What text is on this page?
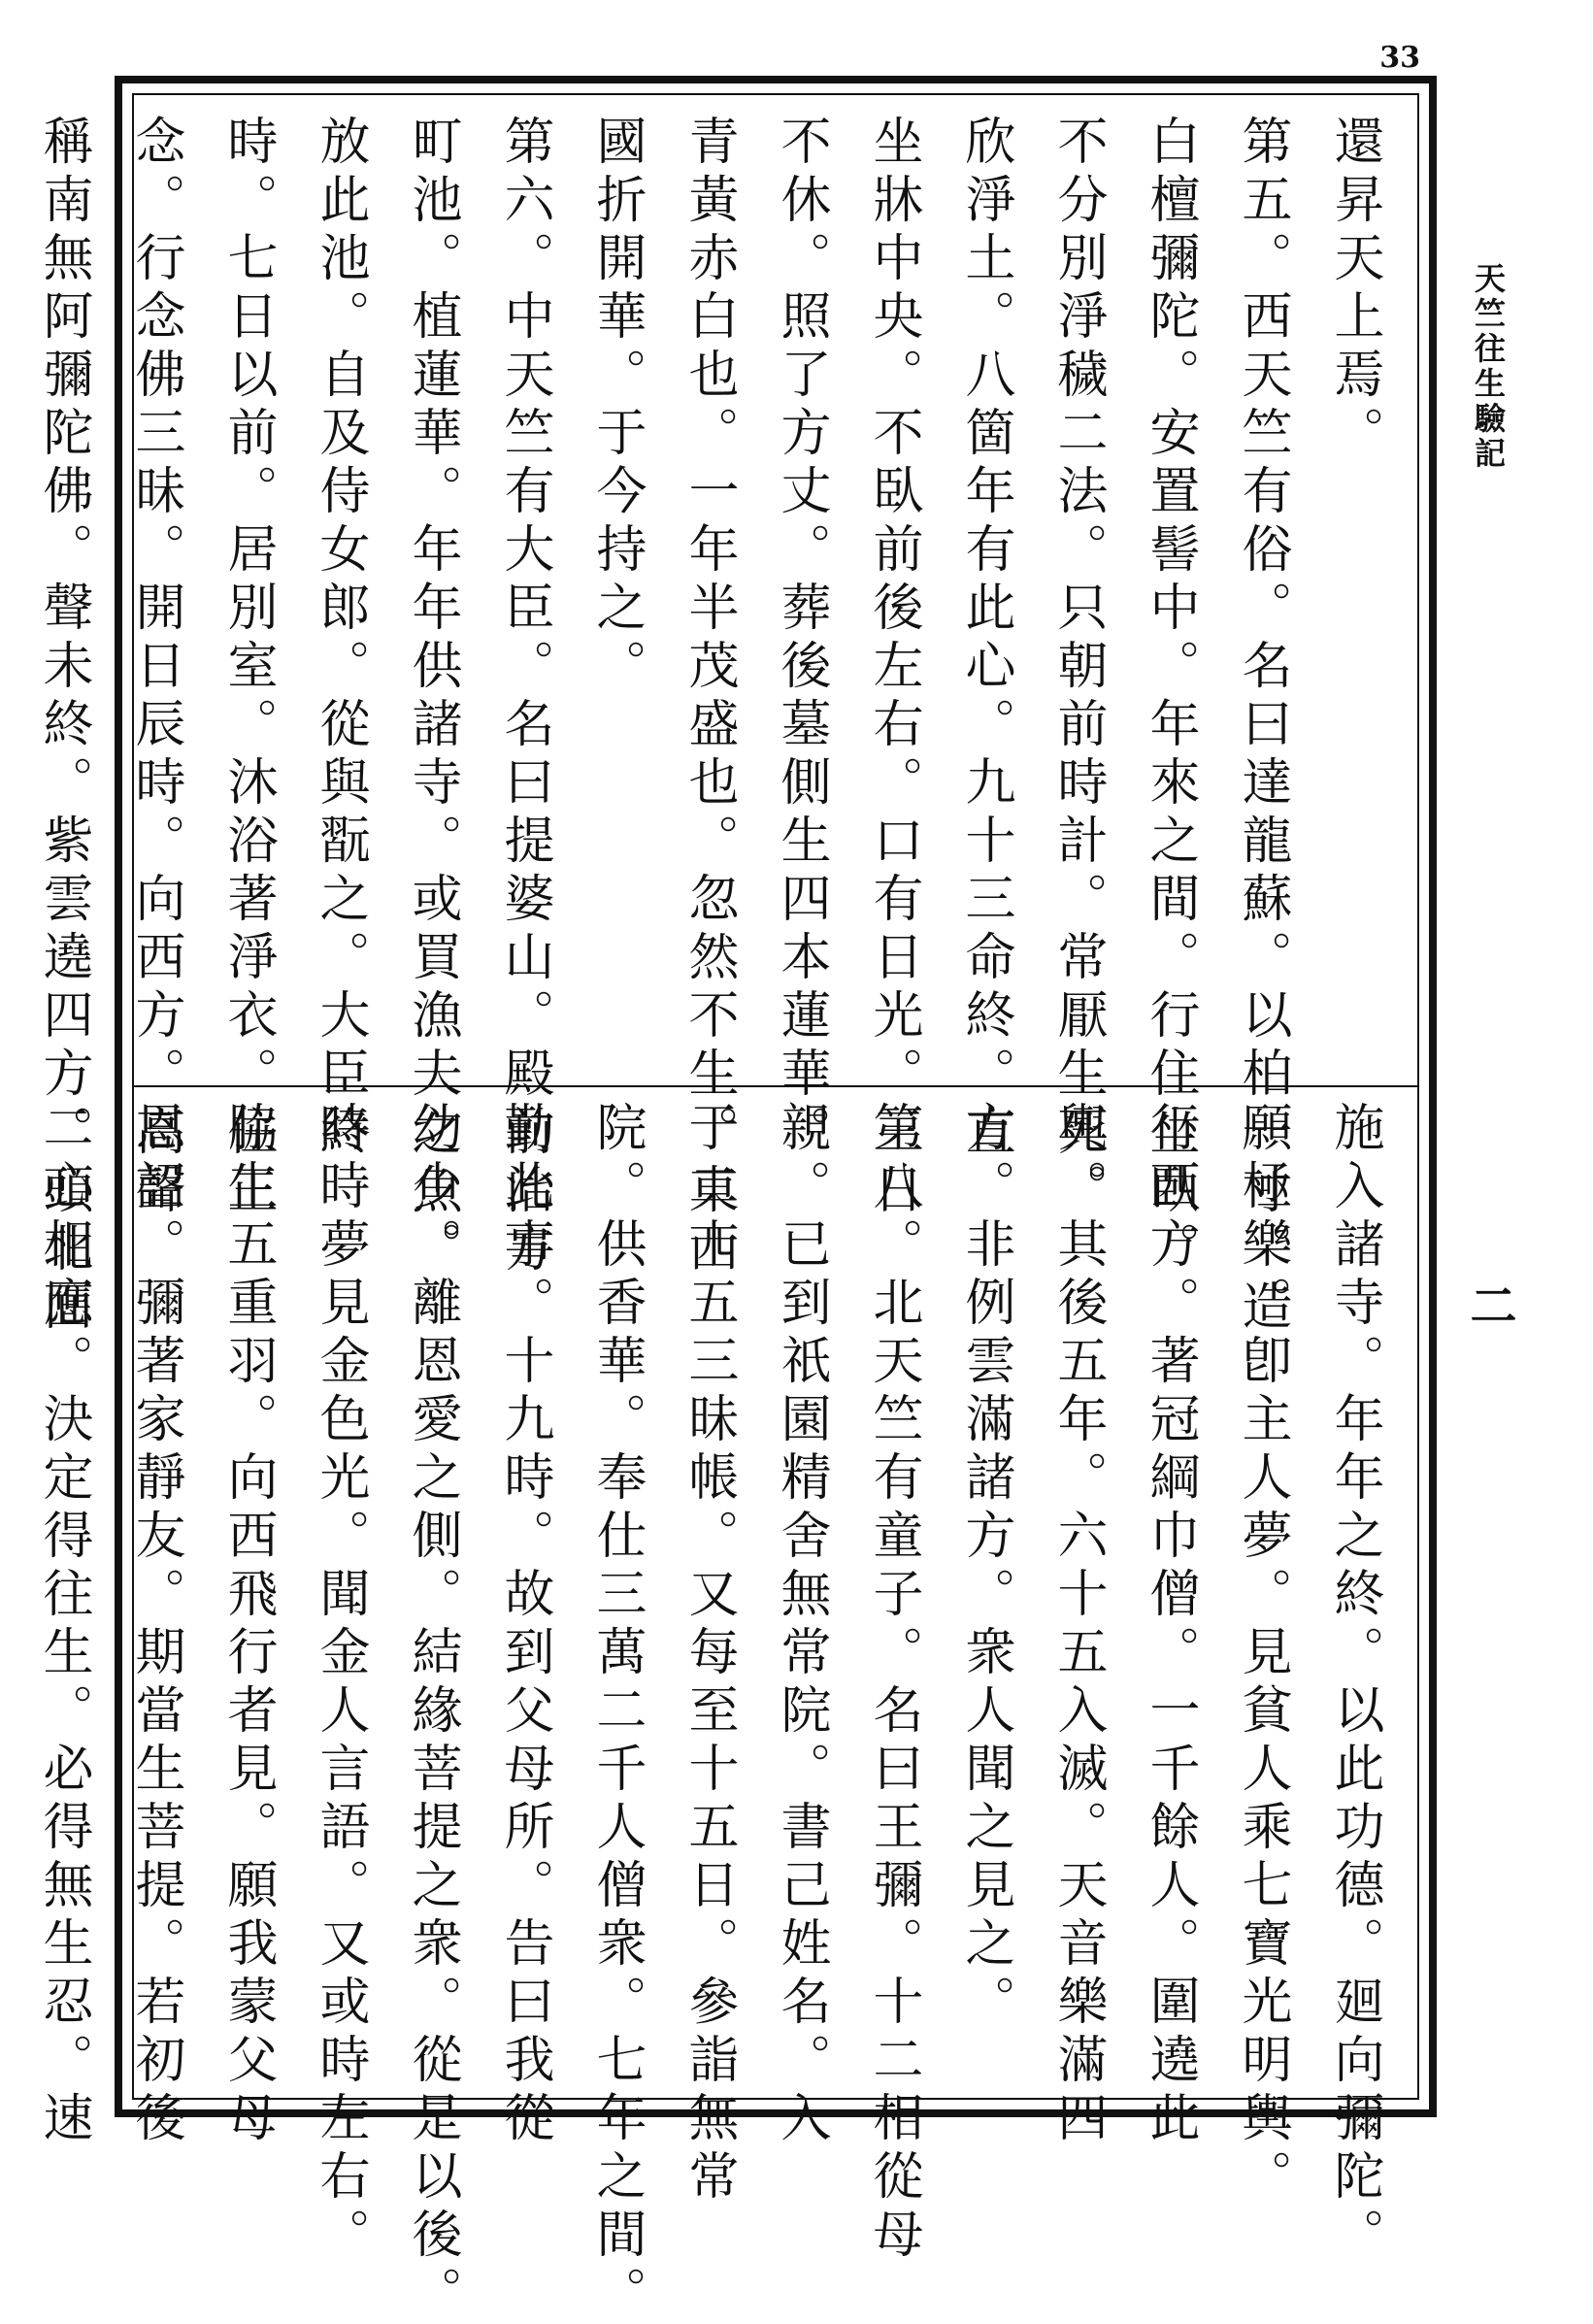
33
天竺往生驗記
二
還昇天上焉。
第五。西天竺有俗。名曰達龍蘇。以柏一寸。造
白檀彌陀。安置髻中。年來之間。行住坐臥。
不分別淨穢二法。只朝前時計。常厭生死。
欣淨土。八箇年有此心。九十三命終。直
坐牀中央。不臥前後左右。口有日光。三日
不休。照了方丈。葬後墓側生四本蓮華。
青黃赤白也。一年半茂盛也。忽然不生。東西
國折開華。于今持之。
第六。中天竺有大臣。名曰提婆山。殿前治方
町池。植蓮華。年年供諸寺。或買漁夫之魚。
放此池。自及侍女郎。從與翫之。大臣終
時。七日以前。居別室。沐浴著淨衣。住正
念。行念佛三昧。開日辰時。向西方。高聲
稱南無阿彌陀佛。聲未終。紫雲遶四方。頭北面
施入諸寺。年年之終。以此功德。廻向彌陀。
願極樂。卽主人夢。見貧人乘七寶光明輿。
行西方。著冠綱巾僧。一千餘人。圍遶此
輿。其後五年。六十五入滅。天音樂滿四
方。非例雲滿諸方。衆人聞之見之。
第八。北天竺有童子。名曰王彌。十二相從母
親。已到祇園精舍無常院。書己姓名。入
于二十五三昧帳。又每至十五日。參詣無常
院。供香華。奉仕三萬二千人僧衆。七年之間。
勤此事。十九時。故到父母所。告曰我從
幼少。離恩愛之側。結緣菩提之衆。從是以後。
時時夢見金色光。聞金人言語。又或時左右。
脇生五重羽。向西飛行者見。願我蒙父母
恩詔。彌著家靜友。期當生菩提。若初後
二心相應。決定得往生。必得無生忍。速
